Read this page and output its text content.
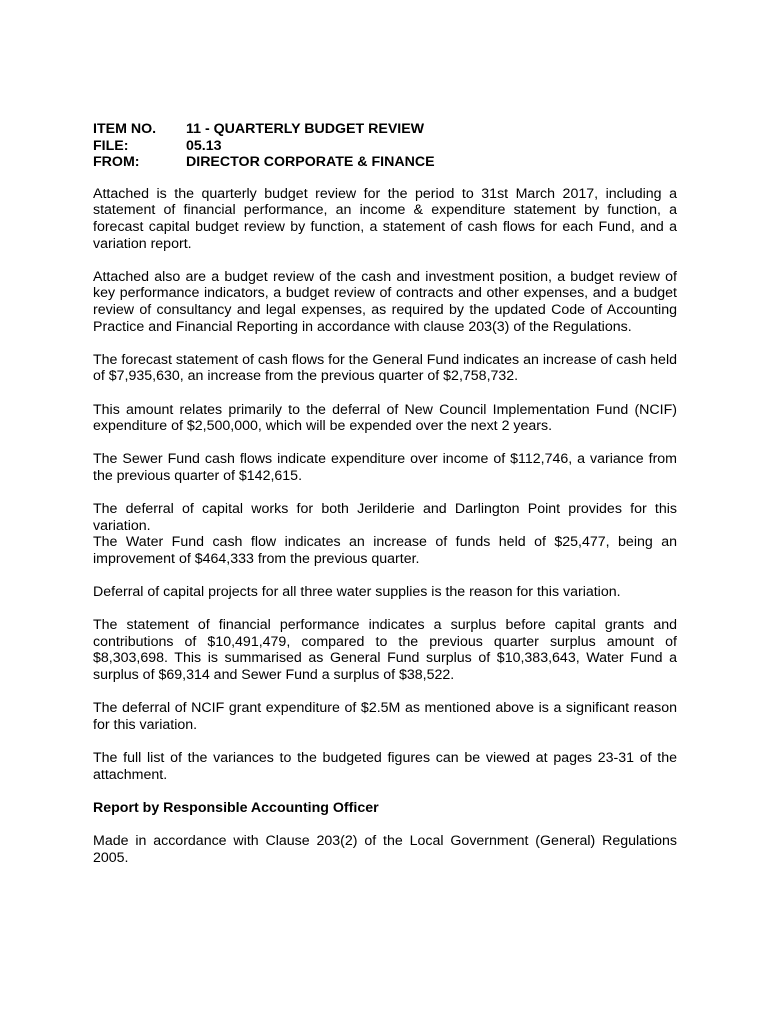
ITEM NO.	11 - QUARTERLY BUDGET REVIEW
FILE:	05.13
FROM:	DIRECTOR CORPORATE & FINANCE

Attached is the quarterly budget review for the period to 31st March 2017, including a statement of financial performance, an income & expenditure statement by function, a forecast capital budget review by function, a statement of cash flows for each Fund, and a variation report.

Attached also are a budget review of the cash and investment position, a budget review of key performance indicators, a budget review of contracts and other expenses, and a budget review of consultancy and legal expenses, as required by the updated Code of Accounting Practice and Financial Reporting in accordance with clause 203(3) of the Regulations.

The forecast statement of cash flows for the General Fund indicates an increase of cash held of $7,935,630, an increase from the previous quarter of $2,758,732.

This amount relates primarily to the deferral of New Council Implementation Fund (NCIF) expenditure of $2,500,000, which will be expended over the next 2 years.

The Sewer Fund cash flows indicate expenditure over income of $112,746, a variance from the previous quarter of $142,615.

The deferral of capital works for both Jerilderie and Darlington Point provides for this variation.

The Water Fund cash flow indicates an increase of funds held of $25,477, being an improvement of $464,333 from the previous quarter.

Deferral of capital projects for all three water supplies is the reason for this variation.

The statement of financial performance indicates a surplus before capital grants and contributions of $10,491,479, compared to the previous quarter surplus amount of $8,303,698. This is summarised as General Fund surplus of $10,383,643, Water Fund a surplus of $69,314 and Sewer Fund a surplus of $38,522.

The deferral of NCIF grant expenditure of $2.5M as mentioned above is a significant reason for this variation.

The full list of the variances to the budgeted figures can be viewed at pages 23-31 of the attachment.

Report by Responsible Accounting Officer

Made in accordance with Clause 203(2) of the Local Government (General) Regulations 2005.
